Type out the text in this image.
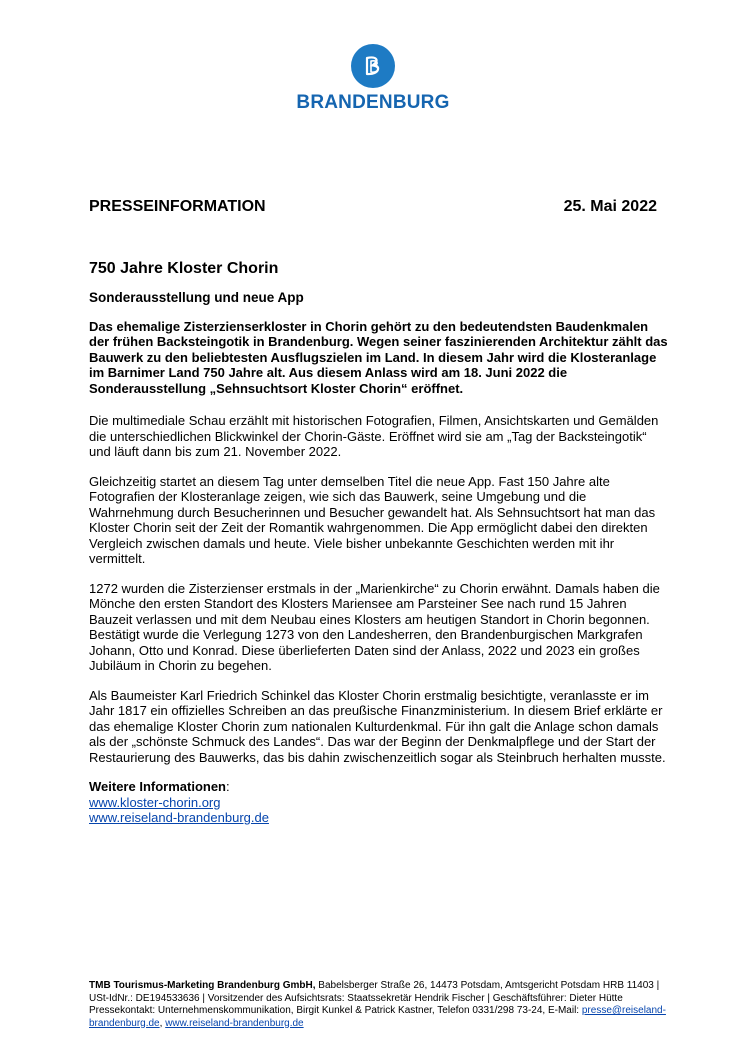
BRANDENBURG
PRESSEINFORMATION	25. Mai 2022
750 Jahre Kloster Chorin

Sonderausstellung und neue App

Das ehemalige Zisterzienserkloster in Chorin gehört zu den bedeutendsten Baudenkmalen der frühen Backsteingotik in Brandenburg. Wegen seiner faszinierenden Architektur zählt das Bauwerk zu den beliebtesten Ausflugszielen im Land. In diesem Jahr wird die Klosteranlage im Barnimer Land 750 Jahre alt. Aus diesem Anlass wird am 18. Juni 2022 die Sonderausstellung „Sehnsuchtsort Kloster Chorin“ eröffnet.

Die multimediale Schau erzählt mit historischen Fotografien, Filmen, Ansichtskarten und Gemälden die unterschiedlichen Blickwinkel der Chorin-Gäste. Eröffnet wird sie am „Tag der Backsteingotik“ und läuft dann bis zum 21. November 2022.

Gleichzeitig startet an diesem Tag unter demselben Titel die neue App. Fast 150 Jahre alte Fotografien der Klosteranlage zeigen, wie sich das Bauwerk, seine Umgebung und die Wahrnehmung durch Besucherinnen und Besucher gewandelt hat. Als Sehnsuchtsort hat man das Kloster Chorin seit der Zeit der Romantik wahrgenommen. Die App ermöglicht dabei den direkten Vergleich zwischen damals und heute. Viele bisher unbekannte Geschichten werden mit ihr vermittelt.

1272 wurden die Zisterzienser erstmals in der „Marienkirche“ zu Chorin erwähnt. Damals haben die Mönche den ersten Standort des Klosters Mariensee am Parsteiner See nach rund 15 Jahren Bauzeit verlassen und mit dem Neubau eines Klosters am heutigen Standort in Chorin begonnen. Bestätigt wurde die Verlegung 1273 von den Landesherren, den Brandenburgischen Markgrafen Johann, Otto und Konrad. Diese überlieferten Daten sind der Anlass, 2022 und 2023 ein großes Jubiläum in Chorin zu begehen.

Als Baumeister Karl Friedrich Schinkel das Kloster Chorin erstmalig besichtigte, veranlasste er im Jahr 1817 ein offizielles Schreiben an das preußische Finanzministerium. In diesem Brief erklärte er das ehemalige Kloster Chorin zum nationalen Kulturdenkmal. Für ihn galt die Anlage schon damals als der „schönste Schmuck des Landes“. Das war der Beginn der Denkmalpflege und der Start der Restaurierung des Bauwerks, das bis dahin zwischenzeitlich sogar als Steinbruch herhalten musste.

Weitere Informationen:
www.kloster-chorin.org
www.reiseland-brandenburg.de

TMB Tourismus-Marketing Brandenburg GmbH, Babelsberger Straße 26, 14473 Potsdam, Amtsgericht Potsdam HRB 11403 | USt-IdNr.: DE194533636 | Vorsitzender des Aufsichtsrats: Staatssekretär Hendrik Fischer | Geschäftsführer: Dieter Hütte Pressekontakt: Unternehmenskommunikation, Birgit Kunkel & Patrick Kastner, Telefon 0331/298 73-24, E-Mail: presse@reiseland-brandenburg.de, www.reiseland-brandenburg.de
